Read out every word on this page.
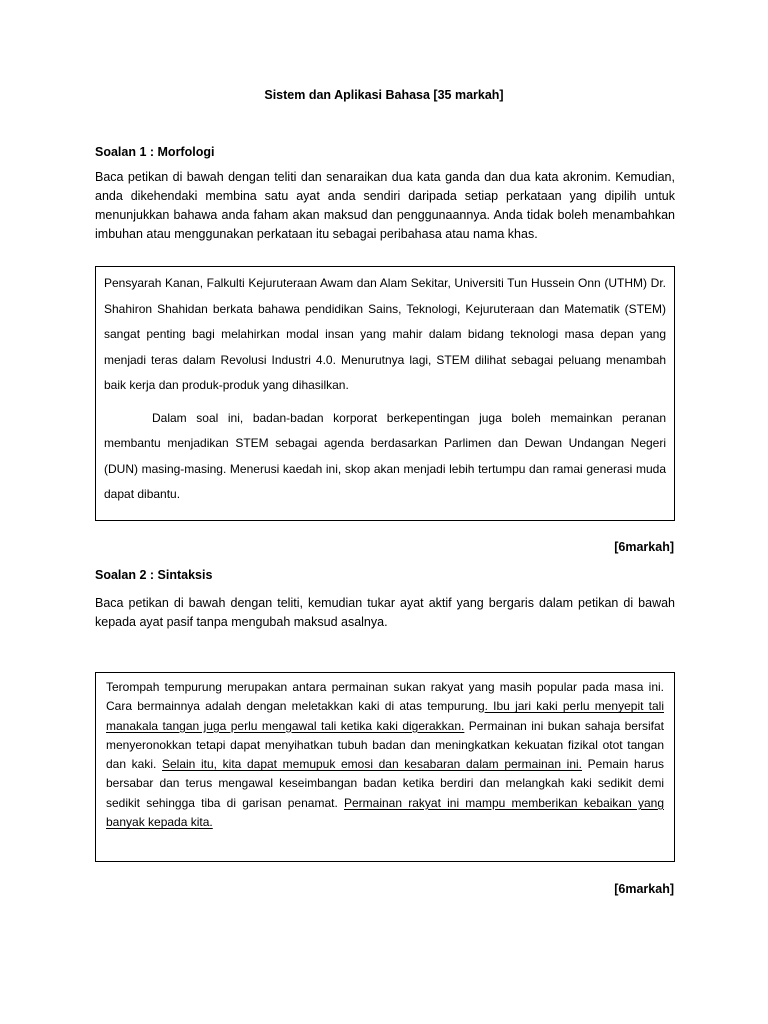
Sistem dan Aplikasi Bahasa [35 markah]
Soalan 1 : Morfologi
Baca petikan di bawah dengan teliti dan senaraikan dua kata ganda dan dua kata akronim. Kemudian, anda dikehendaki membina satu ayat anda sendiri daripada setiap perkataan yang dipilih untuk menunjukkan bahawa anda faham akan maksud dan penggunaannya. Anda tidak boleh menambahkan imbuhan atau menggunakan perkataan itu sebagai peribahasa atau nama khas.

Pensyarah Kanan, Falkulti Kejuruteraan Awam dan Alam Sekitar, Universiti Tun Hussein Onn (UTHM) Dr. Shahiron Shahidan berkata bahawa pendidikan Sains, Teknologi, Kejuruteraan dan Matematik (STEM) sangat penting bagi melahirkan modal insan yang mahir dalam bidang teknologi masa depan yang menjadi teras dalam Revolusi Industri 4.0. Menurutnya lagi, STEM dilihat sebagai peluang menambah baik kerja dan produk-produk yang dihasilkan.

Dalam soal ini, badan-badan korporat berkepentingan juga boleh memainkan peranan membantu menjadikan STEM sebagai agenda berdasarkan Parlimen dan Dewan Undangan Negeri (DUN) masing-masing. Menerusi kaedah ini, skop akan menjadi lebih tertumpu dan ramai generasi muda dapat dibantu.

[6markah]
Soalan 2 : Sintaksis
Baca petikan di bawah dengan teliti, kemudian tukar ayat aktif yang bergaris dalam petikan di bawah kepada ayat pasif tanpa mengubah maksud asalnya.

Terompah tempurung merupakan antara permainan sukan rakyat yang masih popular pada masa ini. Cara bermainnya adalah dengan meletakkan kaki di atas tempurung. Ibu jari kaki perlu menyepit tali manakala tangan juga perlu mengawal tali ketika kaki digerakkan. Permainan ini bukan sahaja bersifat menyeronokkan tetapi dapat menyihatkan tubuh badan dan meningkatkan kekuatan fizikal otot tangan dan kaki. Selain itu, kita dapat memupuk emosi dan kesabaran dalam permainan ini. Pemain harus bersabar dan terus mengawal keseimbangan badan ketika berdiri dan melangkah kaki sedikit demi sedikit sehingga tiba di garisan penamat. Permainan rakyat ini mampu memberikan kebaikan yang banyak kepada kita.

[6markah]
